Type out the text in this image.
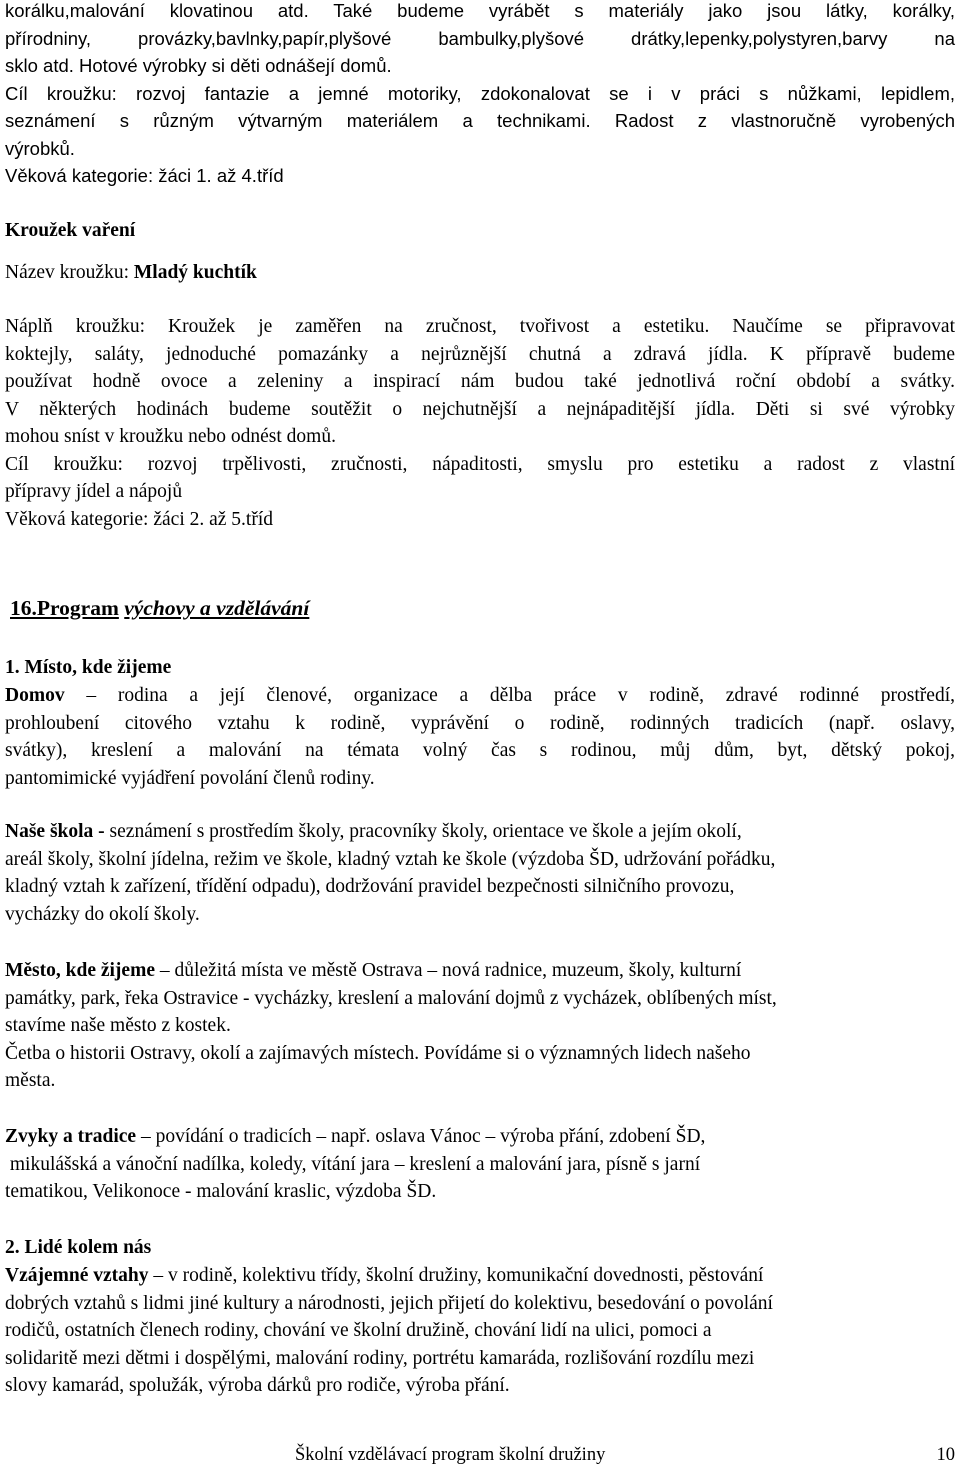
korálku,malování klovatinou atd. Také budeme vyrábět s materiály jako jsou látky, korálky,
přírodniny, provázky,bavlnky,papír,plyšové bambulky,plyšové drátky,lepenky,polystyren,barvy na
sklo atd. Hotové výrobky si děti odnášejí domů.
Cíl kroužku: rozvoj fantazie a jemné motoriky, zdokonalovat se i v práci s nůžkami, lepidlem,
seznámení s různým výtvarným materiálem a technikami. Radost z vlastnoručně vyrobených
výrobků.
Věková kategorie: žáci 1. až 4.tříd
Kroužek vaření
Název kroužku: Mladý kuchtík
Náplň kroužku: Kroužek je zaměřen na zručnost, tvořivost a estetiku. Naučíme se připravovat
koktejly, saláty, jednoduché pomazánky a nejrůznější chutná a zdravá jídla. K přípravě budeme
používat hodně ovoce a zeleniny a inspirací nám budou také jednotlivá roční období a svátky.
V některých hodinách budeme soutěžit o nejchutnější a nejnápaditější jídla. Děti si své výrobky
mohou sníst v kroužku nebo odnést domů.
Cíl kroužku: rozvoj trpělivosti, zručnosti, nápaditosti, smyslu pro estetiku a radost z vlastní
přípravy jídel a nápojů
Věková kategorie: žáci 2. až 5.tříd
16.Program výchovy a vzdělávání
1. Místo, kde žijeme
Domov – rodina a její členové, organizace a dělba práce v rodině, zdravé rodinné prostředí,
prohloubení citového vztahu k rodině, vyprávění o rodině, rodinných tradicích (např. oslavy,
svátky), kreslení a malování na témata volný čas s rodinou, můj dům, byt, dětský pokoj,
pantomimické vyjádření povolání členů rodiny.
Naše škola - seznámení s prostředím školy, pracovníky školy, orientace ve škole a jejím okolí,
areál školy, školní jídelna, režim ve škole, kladný vztah ke škole (výzdoba ŠD, udržování pořádku,
kladný vztah k zařízení, třídění odpadu), dodržování pravidel bezpečnosti silničního provozu,
vycházky do okolí školy.
Město, kde žijeme – důležitá místa ve městě Ostrava – nová radnice, muzeum, školy, kulturní
památky, park, řeka Ostravice - vycházky, kreslení a malování dojmů z vycházek, oblíbených míst,
stavíme naše město z kostek.
Četba o historii Ostravy, okolí a zajímavých místech. Povídáme si o významných lidech našeho
města.
Zvyky a tradice – povídání o tradicích – např. oslava Vánoc – výroba přání, zdobení ŠD,
mikulášská a vánoční nadílka, koledy, vítání jara – kreslení a malování jara, písně s jarní
tematikou, Velikonoce - malování kraslic, výzdoba ŠD.
2. Lidé kolem nás
Vzájemné vztahy – v rodině, kolektivu třídy, školní družiny, komunikační dovednosti, pěstování
dobrých vztahů s lidmi jiné kultury a národnosti, jejich přijetí do kolektivu, besedování o povolání
rodičů, ostatních členech rodiny, chování ve školní družině, chování lidí na ulici, pomoci a
solidaritě mezi dětmi i dospělými, malování rodiny, portrétu kamaráda, rozlišování rozdílu mezi
slovy kamarád, spolužák, výroba dárků pro rodiče, výroba přání.
Školní vzdělávací program školní družiny	10
